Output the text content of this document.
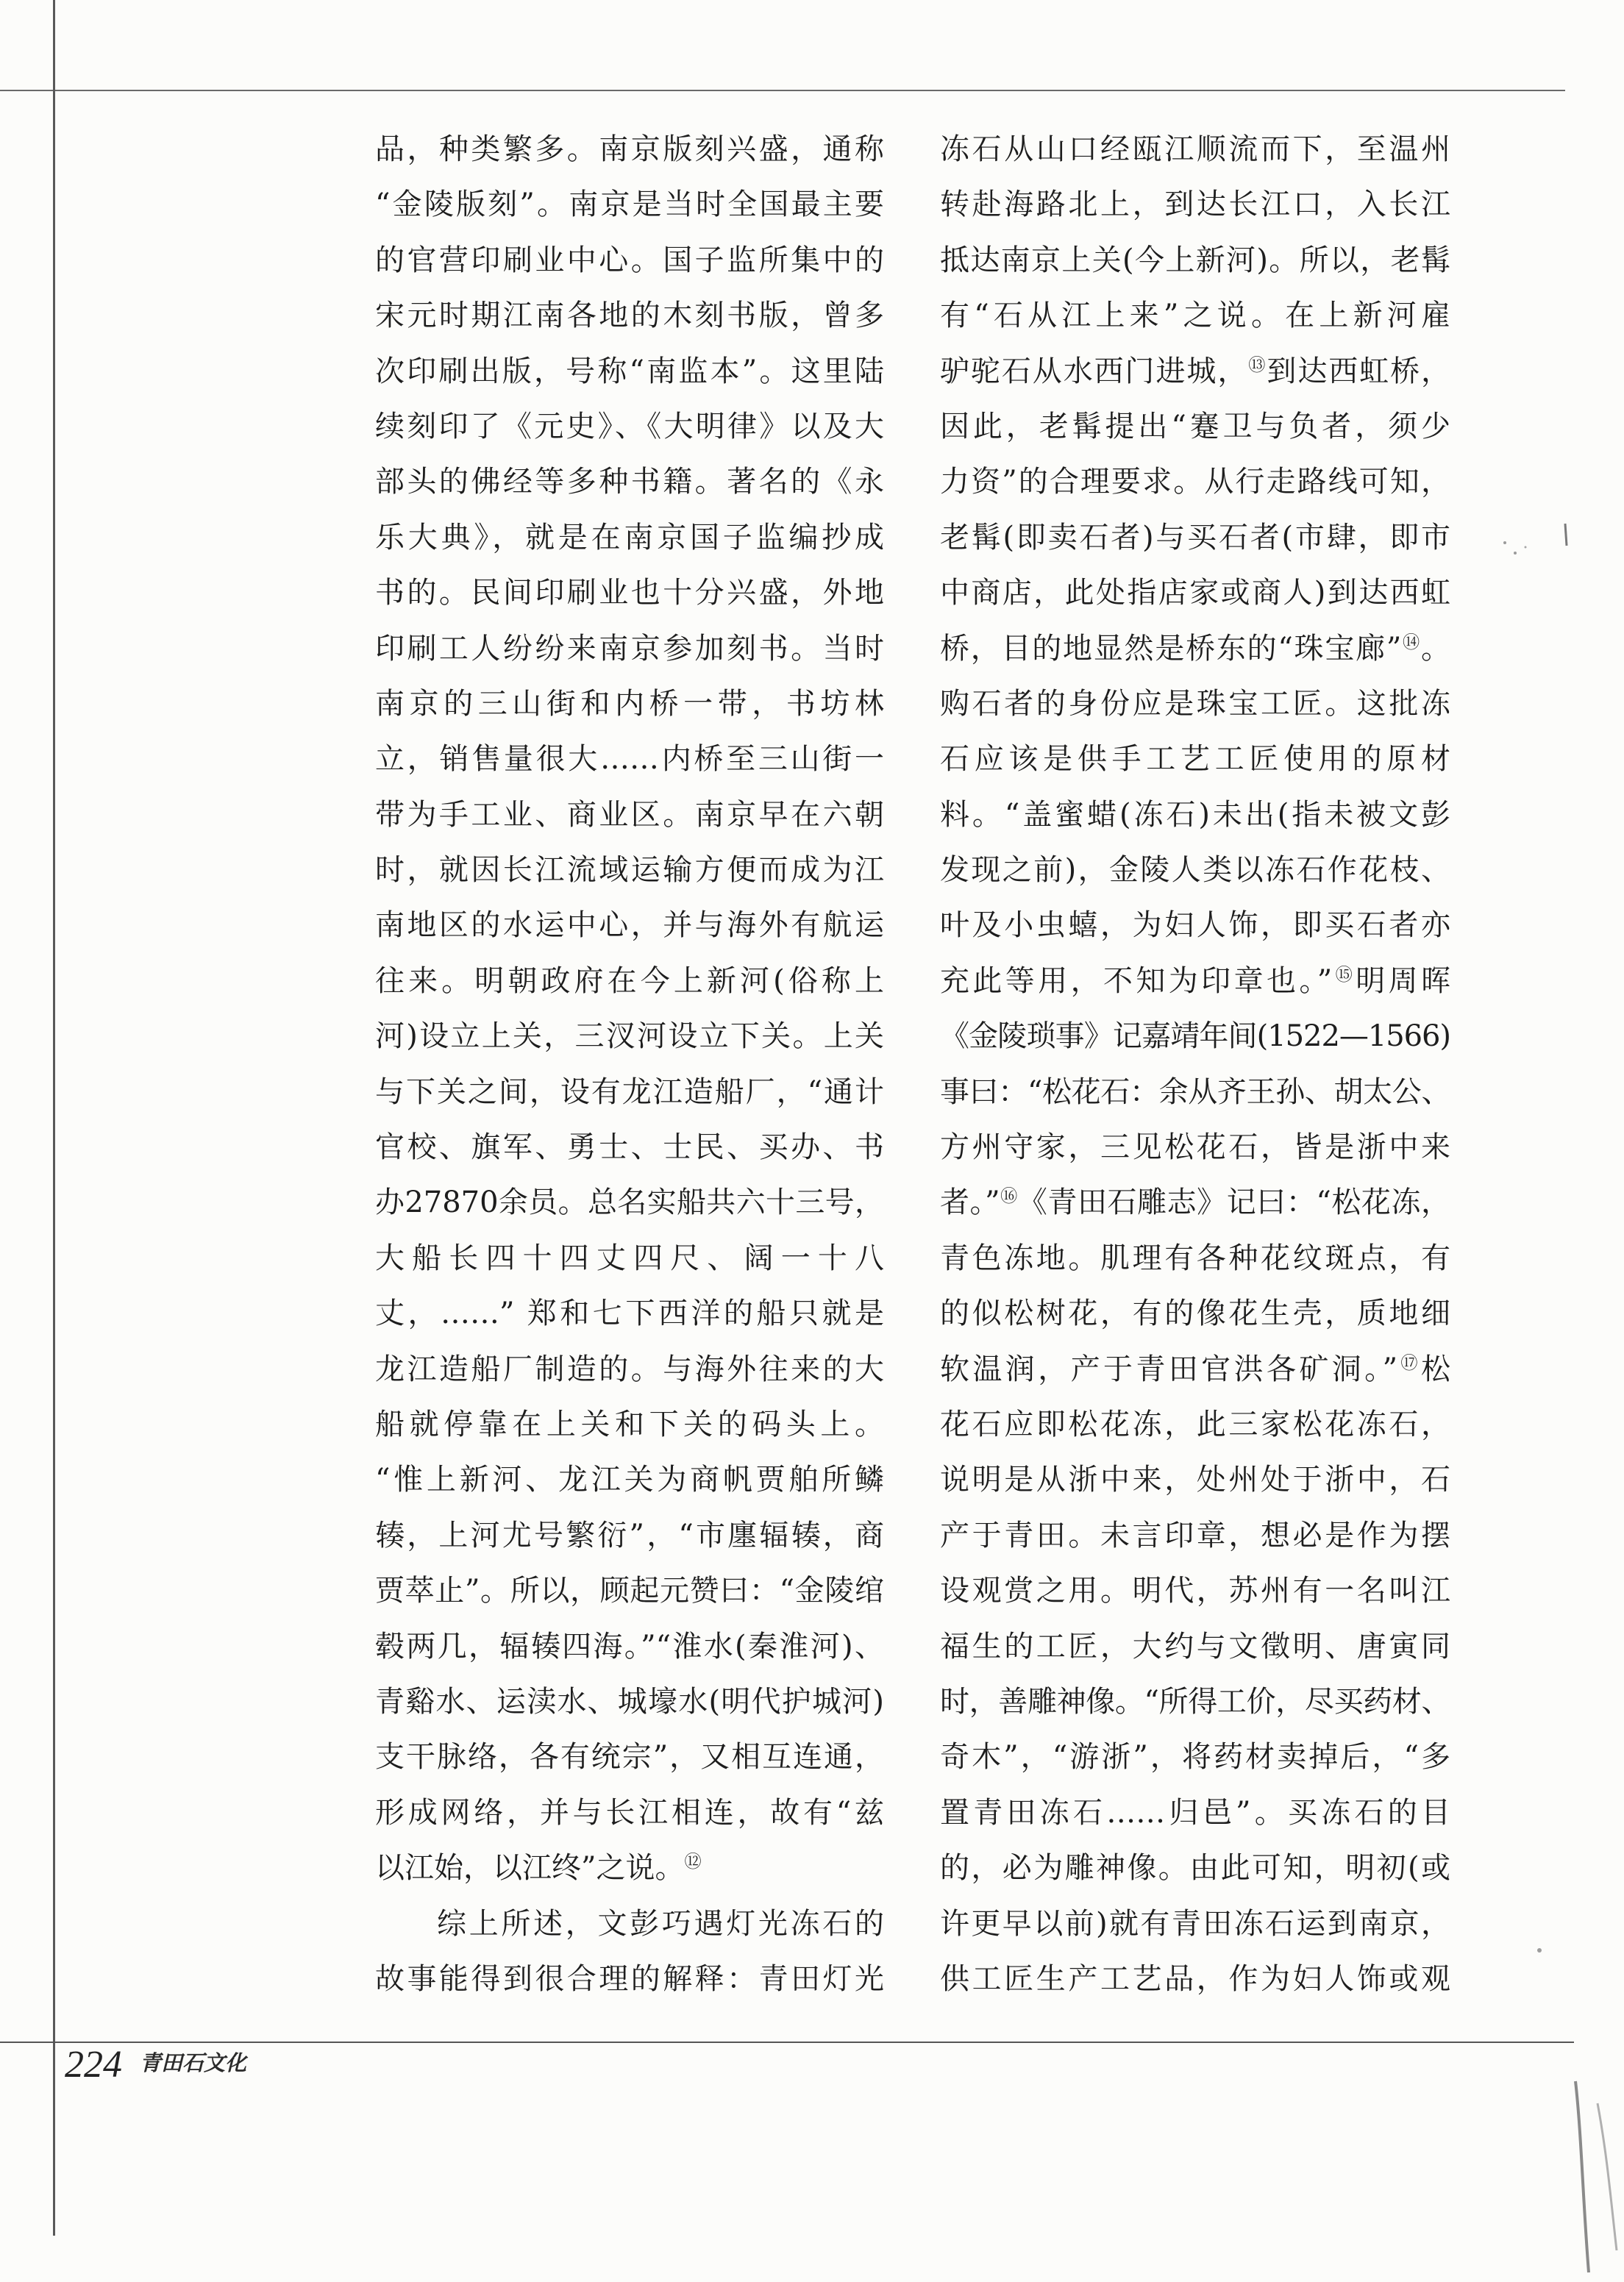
品，种类繁多。南京版刻兴盛，通称
“金陵版刻”。南京是当时全国最主要
的官营印刷业中心。国子监所集中的
宋元时期江南各地的木刻书版，曾多
次印刷出版，号称“南监本”。这里陆
续刻印了《元史》、《大明律》以及大
部头的佛经等多种书籍。著名的《永
乐大典》，就是在南京国子监编抄成
书的。民间印刷业也十分兴盛，外地
印刷工人纷纷来南京参加刻书。当时
南京的三山街和内桥一带，书坊林
立，销售量很大……内桥至三山街一
带为手工业、商业区。南京早在六朝
时，就因长江流域运输方便而成为江
南地区的水运中心，并与海外有航运
往来。明朝政府在今上新河(俗称上
河)设立上关，三汊河设立下关。上关
与下关之间，设有龙江造船厂，“通计
官校、旗军、勇士、士民、买办、书
办27870余员。总名实船共六十三号，
大船长四十四丈四尺、阔一十八
丈，……” 郑和七下西洋的船只就是
龙江造船厂制造的。与海外往来的大
船就停靠在上关和下关的码头上。
“惟上新河、龙江关为商帆贾舶所鳞
辏，上河尤号繁衍”，“市廛辐辏，商
贾萃止”。所以，顾起元赞曰：“金陵绾
毂两几，辐辏四海。”“淮水(秦淮河)、
青谿水、运渎水、城壕水(明代护城河)
支干脉络，各有统宗”，又相互连通，
形成网络，并与长江相连，故有“兹
以江始，以江终”之说。⑫
综上所述，文彭巧遇灯光冻石的
故事能得到很合理的解释：青田灯光
冻石从山口经瓯江顺流而下，至温州
转赴海路北上，到达长江口，入长江
抵达南京上关(今上新河)。所以，老髯
有“石从江上来”之说。在上新河雇
驴驼石从水西门进城，⑬到达西虹桥，
因此，老髯提出“蹇卫与负者，须少
力资”的合理要求。从行走路线可知，
老髯(即卖石者)与买石者(市肆，即市
中商店，此处指店家或商人)到达西虹
桥，目的地显然是桥东的“珠宝廊”⑭。
购石者的身份应是珠宝工匠。这批冻
石应该是供手工艺工匠使用的原材
料。“盖蜜蜡(冻石)未出(指未被文彭
发现之前)，金陵人类以冻石作花枝、
叶及小虫蟢，为妇人饰，即买石者亦
充此等用，不知为印章也。”⑮明周晖
《金陵琐事》记嘉靖年间(1522—1566)
事曰：“松花石：余从齐王孙、胡太公、
方州守家，三见松花石，皆是浙中来
者。”⑯《青田石雕志》记曰：“松花冻，
青色冻地。肌理有各种花纹斑点，有
的似松树花，有的像花生壳，质地细
软温润，产于青田官洪各矿洞。”⑰松
花石应即松花冻，此三家松花冻石，
说明是从浙中来，处州处于浙中，石
产于青田。未言印章，想必是作为摆
设观赏之用。明代，苏州有一名叫江
福生的工匠，大约与文徵明、唐寅同
时，善雕神像。“所得工价，尽买药材、
奇木”，“游浙”，将药材卖掉后，“多
置青田冻石……归邑”。买冻石的目
的，必为雕神像。由此可知，明初(或
许更早以前)就有青田冻石运到南京，
供工匠生产工艺品，作为妇人饰或观
224 青田石文化
